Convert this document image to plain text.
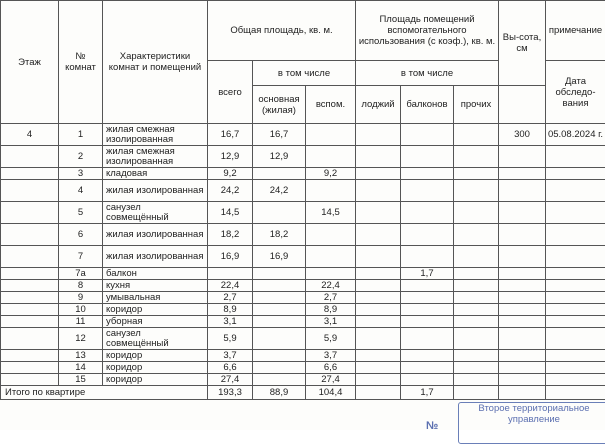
Этаж	№ комнат	Характеристики комнат и помещений	Общая площадь, кв. м.			Площадь помещений вспомогательного использования (с коэф.), кв. м.			Вы-сота, см	примечание
			всего	в том числе		в том числе				Дата обследо-вания
				основная (жилая)	вспом.	лоджий	балконов	прочих		
4	1	жилая смежная изолированная	16,7	16,7					300	05.08.2024 г.
	2	жилая смежная изолированная	12,9	12,9						
	3	кладовая	9,2		9,2					
	4	жилая изолированная	24,2	24,2						
	5	санузел совмещённый	14,5		14,5					
	6	жилая изолированная	18,2	18,2						
	7	жилая изолированная	16,9	16,9						
	7а	балкон					1,7			
	8	кухня	22,4		22,4					
	9	умывальная	2,7		2,7					
	10	коридор	8,9		8,9					
	11	уборная	3,1		3,1					
	12	санузел совмещённый	5,9		5,9					
	13	коридор	3,7		3,7					
	14	коридор	6,6		6,6					
	15	коридор	27,4		27,4					
Итого по квартире			193,3	88,9	104,4		1,7			
№
Второе территориальное
управление
